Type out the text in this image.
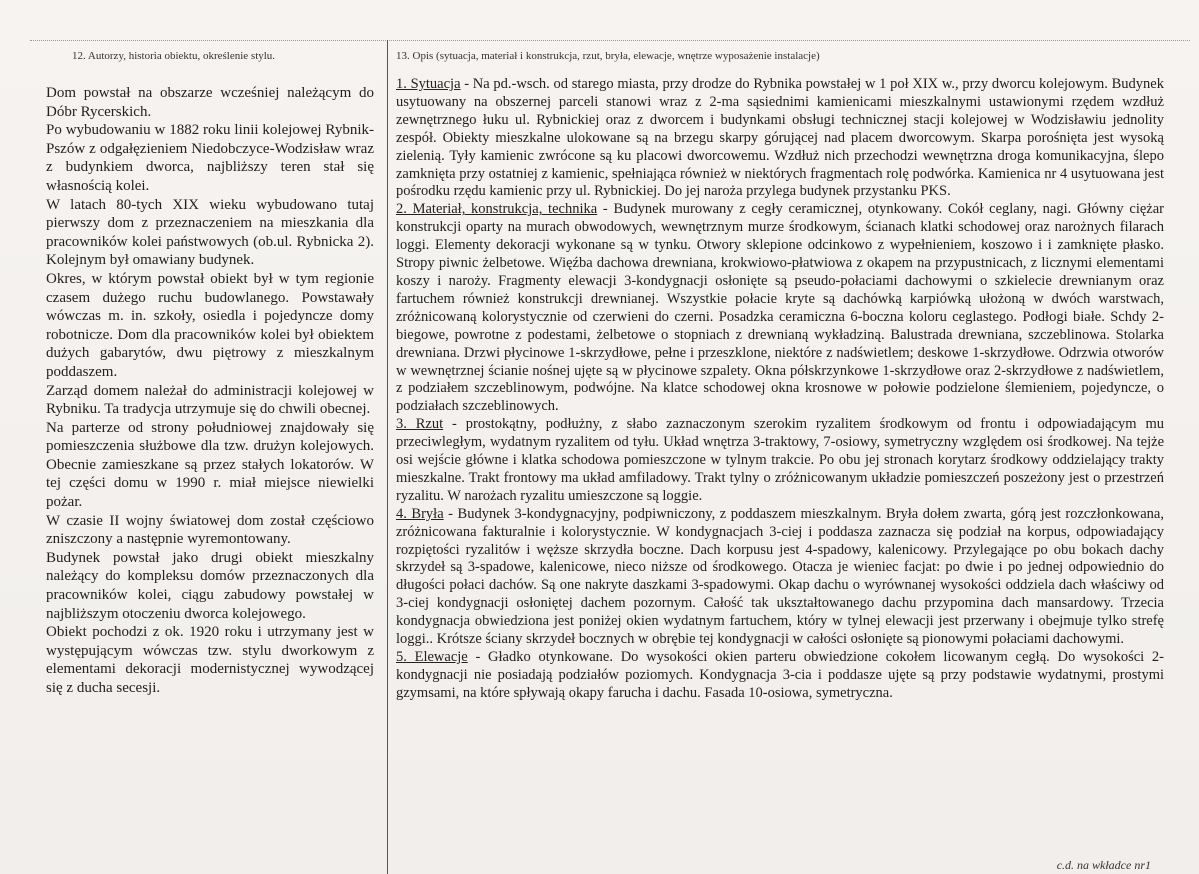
12. Autorzy, historia obiektu, określenie stylu.	13. Opis (sytuacja, materiał i konstrukcja, rzut, bryła, elewacje, wnętrze wyposażenie instalacje)

Dom powstał na obszarze wcześniej należącym do Dóbr Rycerskich.

Po wybudowaniu w 1882 roku linii kolejowej Rybnik-Pszów z odgałęzieniem Niedobczyce-Wodzisław wraz z budynkiem dworca, najbliższy teren stał się własnością kolei.

W latach 80-tych XIX wieku wybudowano tutaj pierwszy dom z przeznaczeniem na mieszkania dla pracowników kolei państwowych (ob.ul. Rybnicka 2). Kolejnym był omawiany budynek.

Okres, w którym powstał obiekt był w tym regionie czasem dużego ruchu budowlanego. Powstawały wówczas m. in. szkoły, osiedla i pojedyncze domy robotnicze. Dom dla pracowników kolei był obiektem dużych gabarytów, dwu piętrowy z mieszkalnym poddaszem.

Zarząd domem należał do administracji kolejowej w Rybniku. Ta tradycja utrzymuje się do chwili obecnej.

Na parterze od strony południowej znajdowały się pomieszczenia służbowe dla tzw. drużyn kolejowych. Obecnie zamieszkane są przez stałych lokatorów. W tej części domu w 1990 r. miał miejsce niewielki pożar.

W czasie II wojny światowej dom został częściowo zniszczony a następnie wyremontowany.

Budynek powstał jako drugi obiekt mieszkalny należący do kompleksu domów przeznaczonych dla pracowników kolei, ciągu zabudowy powstałej w najbliższym otoczeniu dworca kolejowego.

Obiekt pochodzi z ok. 1920 roku i utrzymany jest w występującym wówczas tzw. stylu dworkowym z elementami dekoracji modernistycznej wywodzącej się z ducha secesji.

1. Sytuacja - Na pd.-wsch. od starego miasta, przy drodze do Rybnika powstałej w 1 poł XIX w., przy dworcu kolejowym. Budynek usytuowany na obszernej parceli stanowi wraz z 2-ma sąsiednimi kamienicami mieszkalnymi ustawionymi rzędem wzdłuż zewnętrznego łuku ul. Rybnickiej oraz z dworcem i budynkami obsługi technicznej stacji kolejowej w Wodzisławiu jednolity zespół. Obiekty mieszkalne ulokowane są na brzegu skarpy górującej nad placem dworcowym. Skarpa porośnięta jest wysoką zielenią. Tyły kamienic zwrócone są ku placowi dworcowemu. Wzdłuż nich przechodzi wewnętrzna droga komunikacyjna, ślepo zamknięta przy ostatniej z kamienic, spełniająca również w niektórych fragmentach rolę podwórka. Kamienica nr 4 usytuowana jest pośrodku rzędu kamienic przy ul. Rybnickiej. Do jej naroża przylega budynek przystanku PKS.

2. Materiał, konstrukcja, technika - Budynek murowany z cegły ceramicznej, otynkowany. Cokół ceglany, nagi. Główny ciężar konstrukcji oparty na murach obwodowych, wewnętrznym murze środkowym, ścianach klatki schodowej oraz narożnych filarach loggi. Elementy dekoracji wykonane są w tynku. Otwory sklepione odcinkowo z wypełnieniem, koszowo i i zamknięte płasko. Stropy piwnic żelbetowe. Więźba dachowa drewniana, krokwiowo-płatwiowa z okapem na przypustnicach, z licznymi elementami koszy i naroży. Fragmenty elewacji 3-kondygnacji osłonięte są pseudo-połaciami dachowymi o szkielecie drewnianym oraz fartuchem również konstrukcji drewnianej. Wszystkie połacie kryte są dachówką karpiówką ułożoną w dwóch warstwach, zróżnicowaną kolorystycznie od czerwieni do czerni. Posadzka ceramiczna 6-boczna koloru ceglastego. Podłogi białe. Schdy 2-biegowe, powrotne z podestami, żelbetowe o stopniach z drewnianą wykładziną. Balustrada drewniana, szczeblinowa. Stolarka drewniana. Drzwi płycinowe 1-skrzydłowe, pełne i przeszklone, niektóre z nadświetlem; deskowe 1-skrzydłowe. Odrzwia otworów w wewnętrznej ścianie nośnej ujęte są w płycinowe szpalety. Okna półskrzynkowe 1-skrzydłowe oraz 2-skrzydłowe z nadświetlem, z podziałem szczeblinowym, podwójne. Na klatce schodowej okna krosnowe w połowie podzielone ślemieniem, pojedyncze, o podziałach szczeblinowych.

3. Rzut - prostokątny, podłużny, z słabo zaznaczonym szerokim ryzalitem środkowym od frontu i odpowiadającym mu przeciwległym, wydatnym ryzalitem od tyłu. Układ wnętrza 3-traktowy, 7-osiowy, symetryczny względem osi środkowej. Na tejże osi wejście główne i klatka schodowa pomieszczone w tylnym trakcie. Po obu jej stronach korytarz środkowy oddzielający trakty mieszkalne. Trakt frontowy ma układ amfiladowy. Trakt tylny o zróżnicowanym układzie pomieszczeń poszeżony jest o przestrzeń ryzalitu. W narożach ryzalitu umieszczone są loggie.

4. Bryła - Budynek 3-kondygnacyjny, podpiwniczony, z poddaszem mieszkalnym. Bryła dołem zwarta, górą jest rozczłonkowana, zróżnicowana fakturalnie i kolorystycznie. W kondygnacjach 3-ciej i poddasza zaznacza się podział na korpus, odpowiadający rozpiętości ryzalitów i węższe skrzydła boczne. Dach korpusu jest 4-spadowy, kalenicowy. Przylegające po obu bokach dachy skrzydeł są 3-spadowe, kalenicowe, nieco niższe od środkowego. Otacza je wieniec facjat: po dwie i po jednej odpowiednio do długości połaci dachów. Są one nakryte daszkami 3-spadowymi. Okap dachu o wyrównanej wysokości oddziela dach właściwy od 3-ciej kondygnacji osłoniętej dachem pozornym. Całość tak ukształtowanego dachu przypomina dach mansardowy. Trzecia kondygnacja obwiedziona jest poniżej okien wydatnym fartuchem, który w tylnej elewacji jest przerwany i obejmuje tylko strefę loggi.. Krótsze ściany skrzydeł bocznych w obrębie tej kondygnacji w całości osłonięte są pionowymi połaciami dachowymi.

5. Elewacje - Gładko otynkowane. Do wysokości okien parteru obwiedzione cokołem licowanym cegłą. Do wysokości 2-kondygnacji nie posiadają podziałów poziomych. Kondygnacja 3-cia i poddasze ujęte są przy podstawie wydatnymi, prostymi gzymsami, na które spływają okapy farucha i dachu. Fasada 10-osiowa, symetryczna.

c.d. na wkładce nr1
